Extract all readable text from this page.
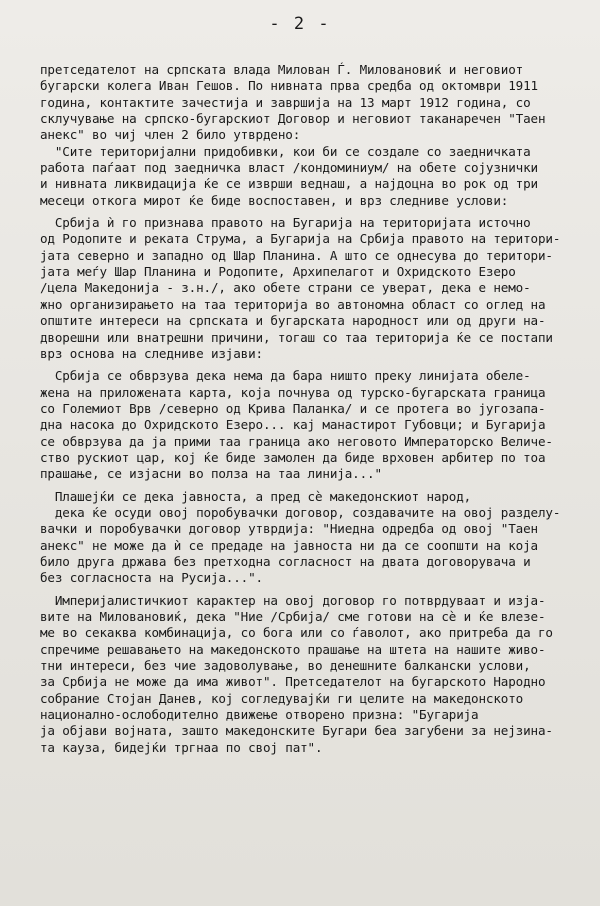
- 2 -
претседателот на српската влада Милован Ѓ. Миловановиќ и неговиот
бугарски колега Иван Гешов. По нивната прва средба од октомври 1911
година, контактите зачестија и завршија на 13 март 1912 година, со
склучување на српско-бугарскиот Договор и неговиот таканаречен "Таен
анекс" во чиј член 2 било утврдено:
"Сите територијални придобивки, кои би се создале со заедничката
работа паѓаат под заедничка власт /кондоминиум/ на обете сојузнички
и нивната ликвидација ќе се изврши веднаш, а најдоцна во рок од три
месеци откога мирот ќе биде воспоставен, и врз следниве услови:
Србија ѝ го признава правото на Бугарија на територијата источно
од Родопите и реката Струма, а Бугарија на Србија правото на територи-
јата северно и западно од Шар Планина. А што се однесува до територи-
јата меѓу Шар Планина и Родопите, Архипелагот и Охридското Езеро
/цела Македонија - з.н./, ако обете страни се уверат, дека е немо-
жно организирањето на таа територија во автономна област со оглед на
општите интереси на српската и бугарската народност или од други на-
дворешни или внатрешни причини, тогаш со таа територија ќе се постапи
врз основа на следниве изјави:
Србија се обврзува дека нема да бара ништо преку линијата обеле-
жена на приложената карта, која почнува од турско-бугарската граница
со Големиот Врв /северно од Крива Паланка/ и се протега во југозапа-
дна насока до Охридското Езеро... кај манастирот Губовци; и Бугарија
се обврзува да ја прими таа граница ако неговото Императорско Величе-
ство рускиот цар, кој ќе биде замолен да биде врховен арбитер по тоа
прашање, се изјасни во полза на таа линија..."
Плашејќи се дека јавноста, а пред сѐ македонскиот народ,
дека ќе осуди овој поробувачки договор, создавачите на овој разделу-
вачки и поробувачки договор утврдија: "Ниедна одредба од овој "Таен
анекс" не може да ѝ се предаде на јавноста ни да се соопшти на која
било друга држава без претходна согласност на двата договорувача и
без согласноста на Русија...".
Империјалистичкиот карактер на овој договор го потврдуваат и изја-
вите на Миловановиќ, дека "Ние /Србија/ сме готови на сѐ и ќе влезе-
ме во секаква комбинација, со бога или со ѓаволот, ако притреба да го
спречиме решавањето на македонското прашање на штета на нашите живо-
тни интереси, без чие задоволување, во денешните балкански услови,
за Србија не може да има живот". Претседателот на бугарското Народно
собрание Стојан Данев, кој согледувајќи ги целите на македонското
национално-ослободително движење отворено призна: "Бугарија
ја објави војната, зашто македонските Бугари беа загубени за нејзина-
та кауза, бидејќи тргнаа по свој пат".
